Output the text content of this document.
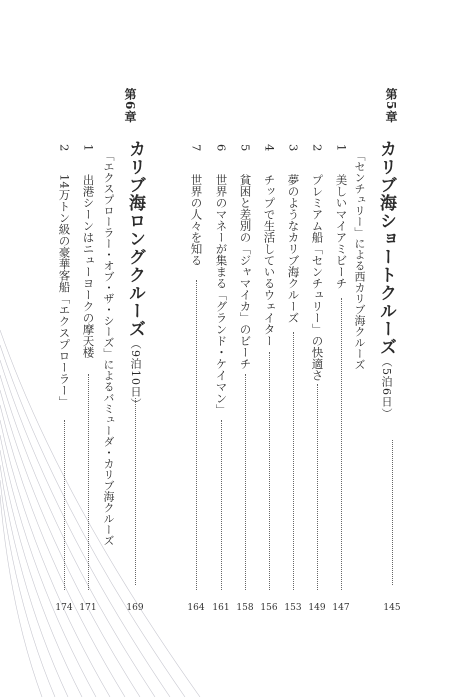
第5章
カリブ海ショートクルーズ（5泊6日）
145
「センチュリー」による西カリブ海クルーズ
1
美しいマイアミビーチ
147
2
プレミアム船「センチュリー」の快適さ
149
3
夢のようなカリブ海クルーズ
153
4
チップで生活しているウェイター
156
5
貧困と差別の「ジャマイカ」のビーチ
158
6
世界のマネーが集まる「グランド・ケイマン」
161
7
世界の人々を知る
164
第6章
カリブ海ロングクルーズ（9泊10日）
169
「エクスプローラー・オブ・ザ・シーズ」によるバミューダ・カリブ海クルーズ
1
出港シーンはニューヨークの摩天楼
171
2
14万トン級の豪華客船「エクスプローラー」
174
